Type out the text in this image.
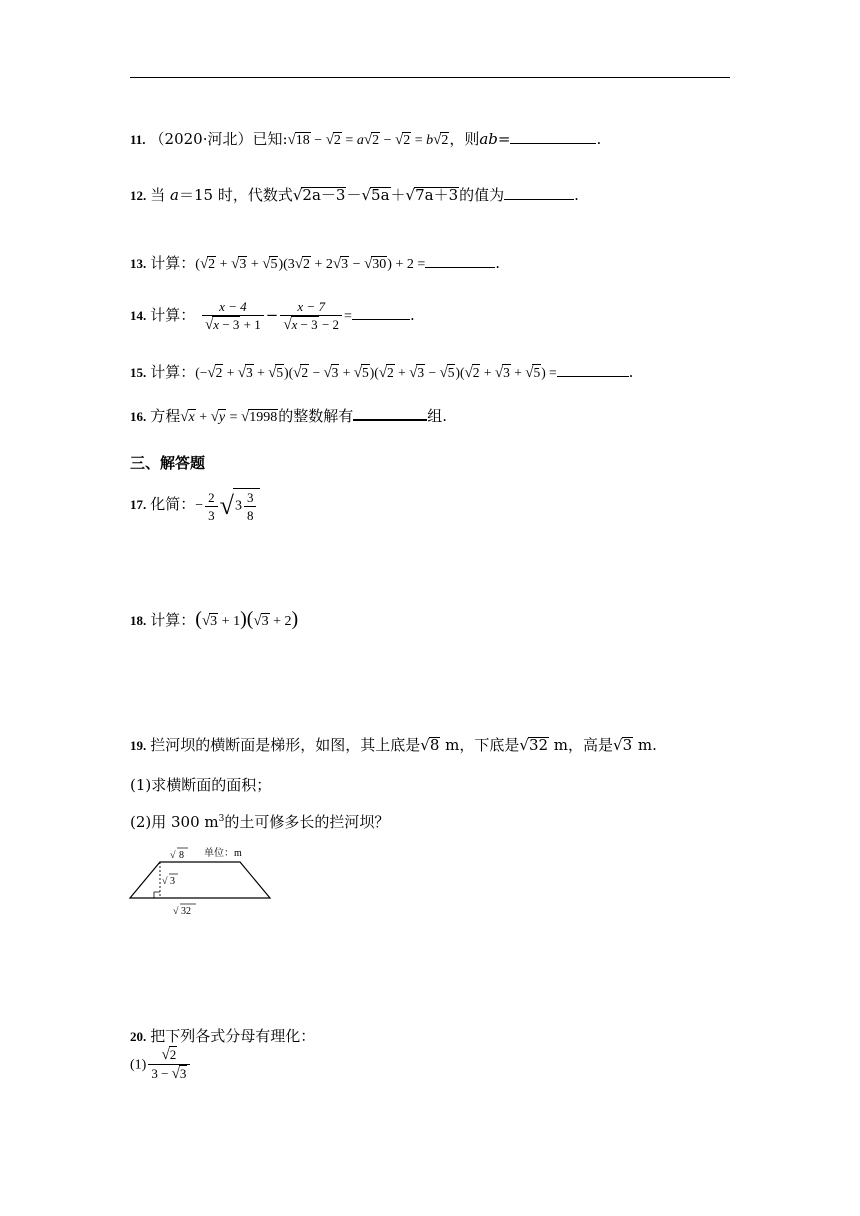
11. （2020·河北）已知:√18 − √2 = a√2 − √2 = b√2，则ab=	.
12. 当 a＝15 时，代数式√2a－3－√5a＋√7a＋3的值为	.
13. 计算：(√2 + √3 + √5)(3√2 + 2√3 − √30) + 2 =	.
14. 计算： $\frac{x - 4}{√x - 3 + 1} - \frac{x - 7}{√x - 3 - 2}$ =	.
15. 计算：(−√2 + √3 + √5)(√2 − √3 + √5)(√2 + √3 − √5)(√2 + √3 + √5) =	.
16. 方程√x + √y = √1998的整数解有	组.
三、解答题
17. 化简：− $\frac{2}{3} √3 \frac{3}{8}$
18. 计算：(√3 + 1)(√3 + 2)
19. 拦河坝的横断面是梯形，如图，其上底是√8 m，下底是√32 m，高是√3 m.
(1)求横断面的面积；
(2)用 300 $m^3$的土可修多长的拦河坝？
√ 8 单位：m
√ 3
√ 32
20. 把下列各式分母有理化：
$(1) \frac{√2}{3 - √3}$
